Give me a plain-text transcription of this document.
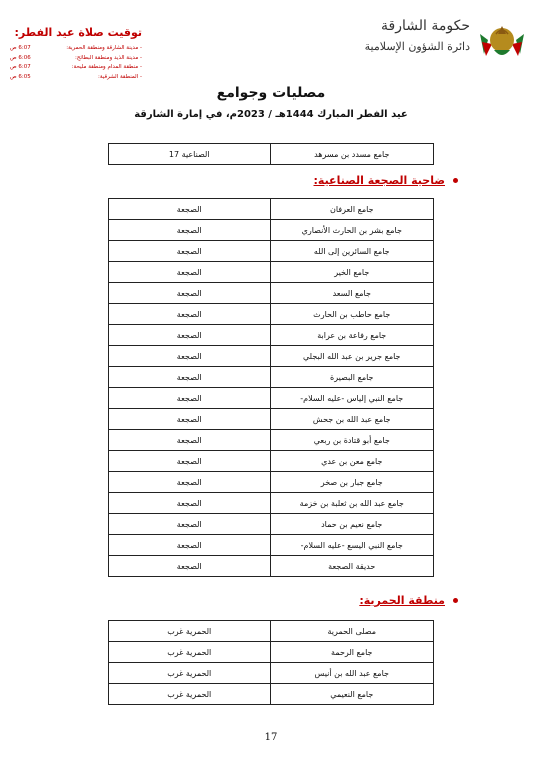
حكومة الشارقة
دائرة الشؤون الإسلامية
توقيت صلاة عيد الفطر:
- مدينة الشارقة ومنطقة الحمرية:
6:07 ص
- مدينة الذيد ومنطقة البطائح:
6:06 ص
- منطقة المدام ومنطقة مليحة:
6:07 ص
- المنطقة الشرقية:
6:05 ص
مصليات وجوامع
عيد الفطر المبارك 1444هـ / 2023م، في إمارة الشارقة
جامع مسدد بن مسرهد	الصناعية 17
ضاحية الصجعة الصناعية:
جامع العرفان	الصجعة
جامع بشر بن الحارث الأنصاري	الصجعة
جامع السائرين إلى الله	الصجعة
جامع الخير	الصجعة
جامع السعد	الصجعة
جامع حاطب بن الحارث	الصجعة
جامع رفاعة بن عرابة	الصجعة
جامع جرير بن عبد الله البجلي	الصجعة
جامع البصيرة	الصجعة
جامع النبي إلياس -عليه السلام-	الصجعة
جامع عبد الله بن جحش	الصجعة
جامع أبو قتادة بن ربعي	الصجعة
جامع معن بن عدي	الصجعة
جامع جبار بن صخر	الصجعة
جامع عبد الله بن ثعلبة بن خزمة	الصجعة
جامع نعيم بن حماد	الصجعة
جامع النبي اليسع -عليه السلام-	الصجعة
حديقة الصجعة	الصجعة
منطقة الحمرية:
مصلى الحمرية	الحمرية غرب
جامع الرحمة	الحمرية غرب
جامع عبد الله بن أنيس	الحمرية غرب
جامع النعيمي	الحمرية غرب
17
